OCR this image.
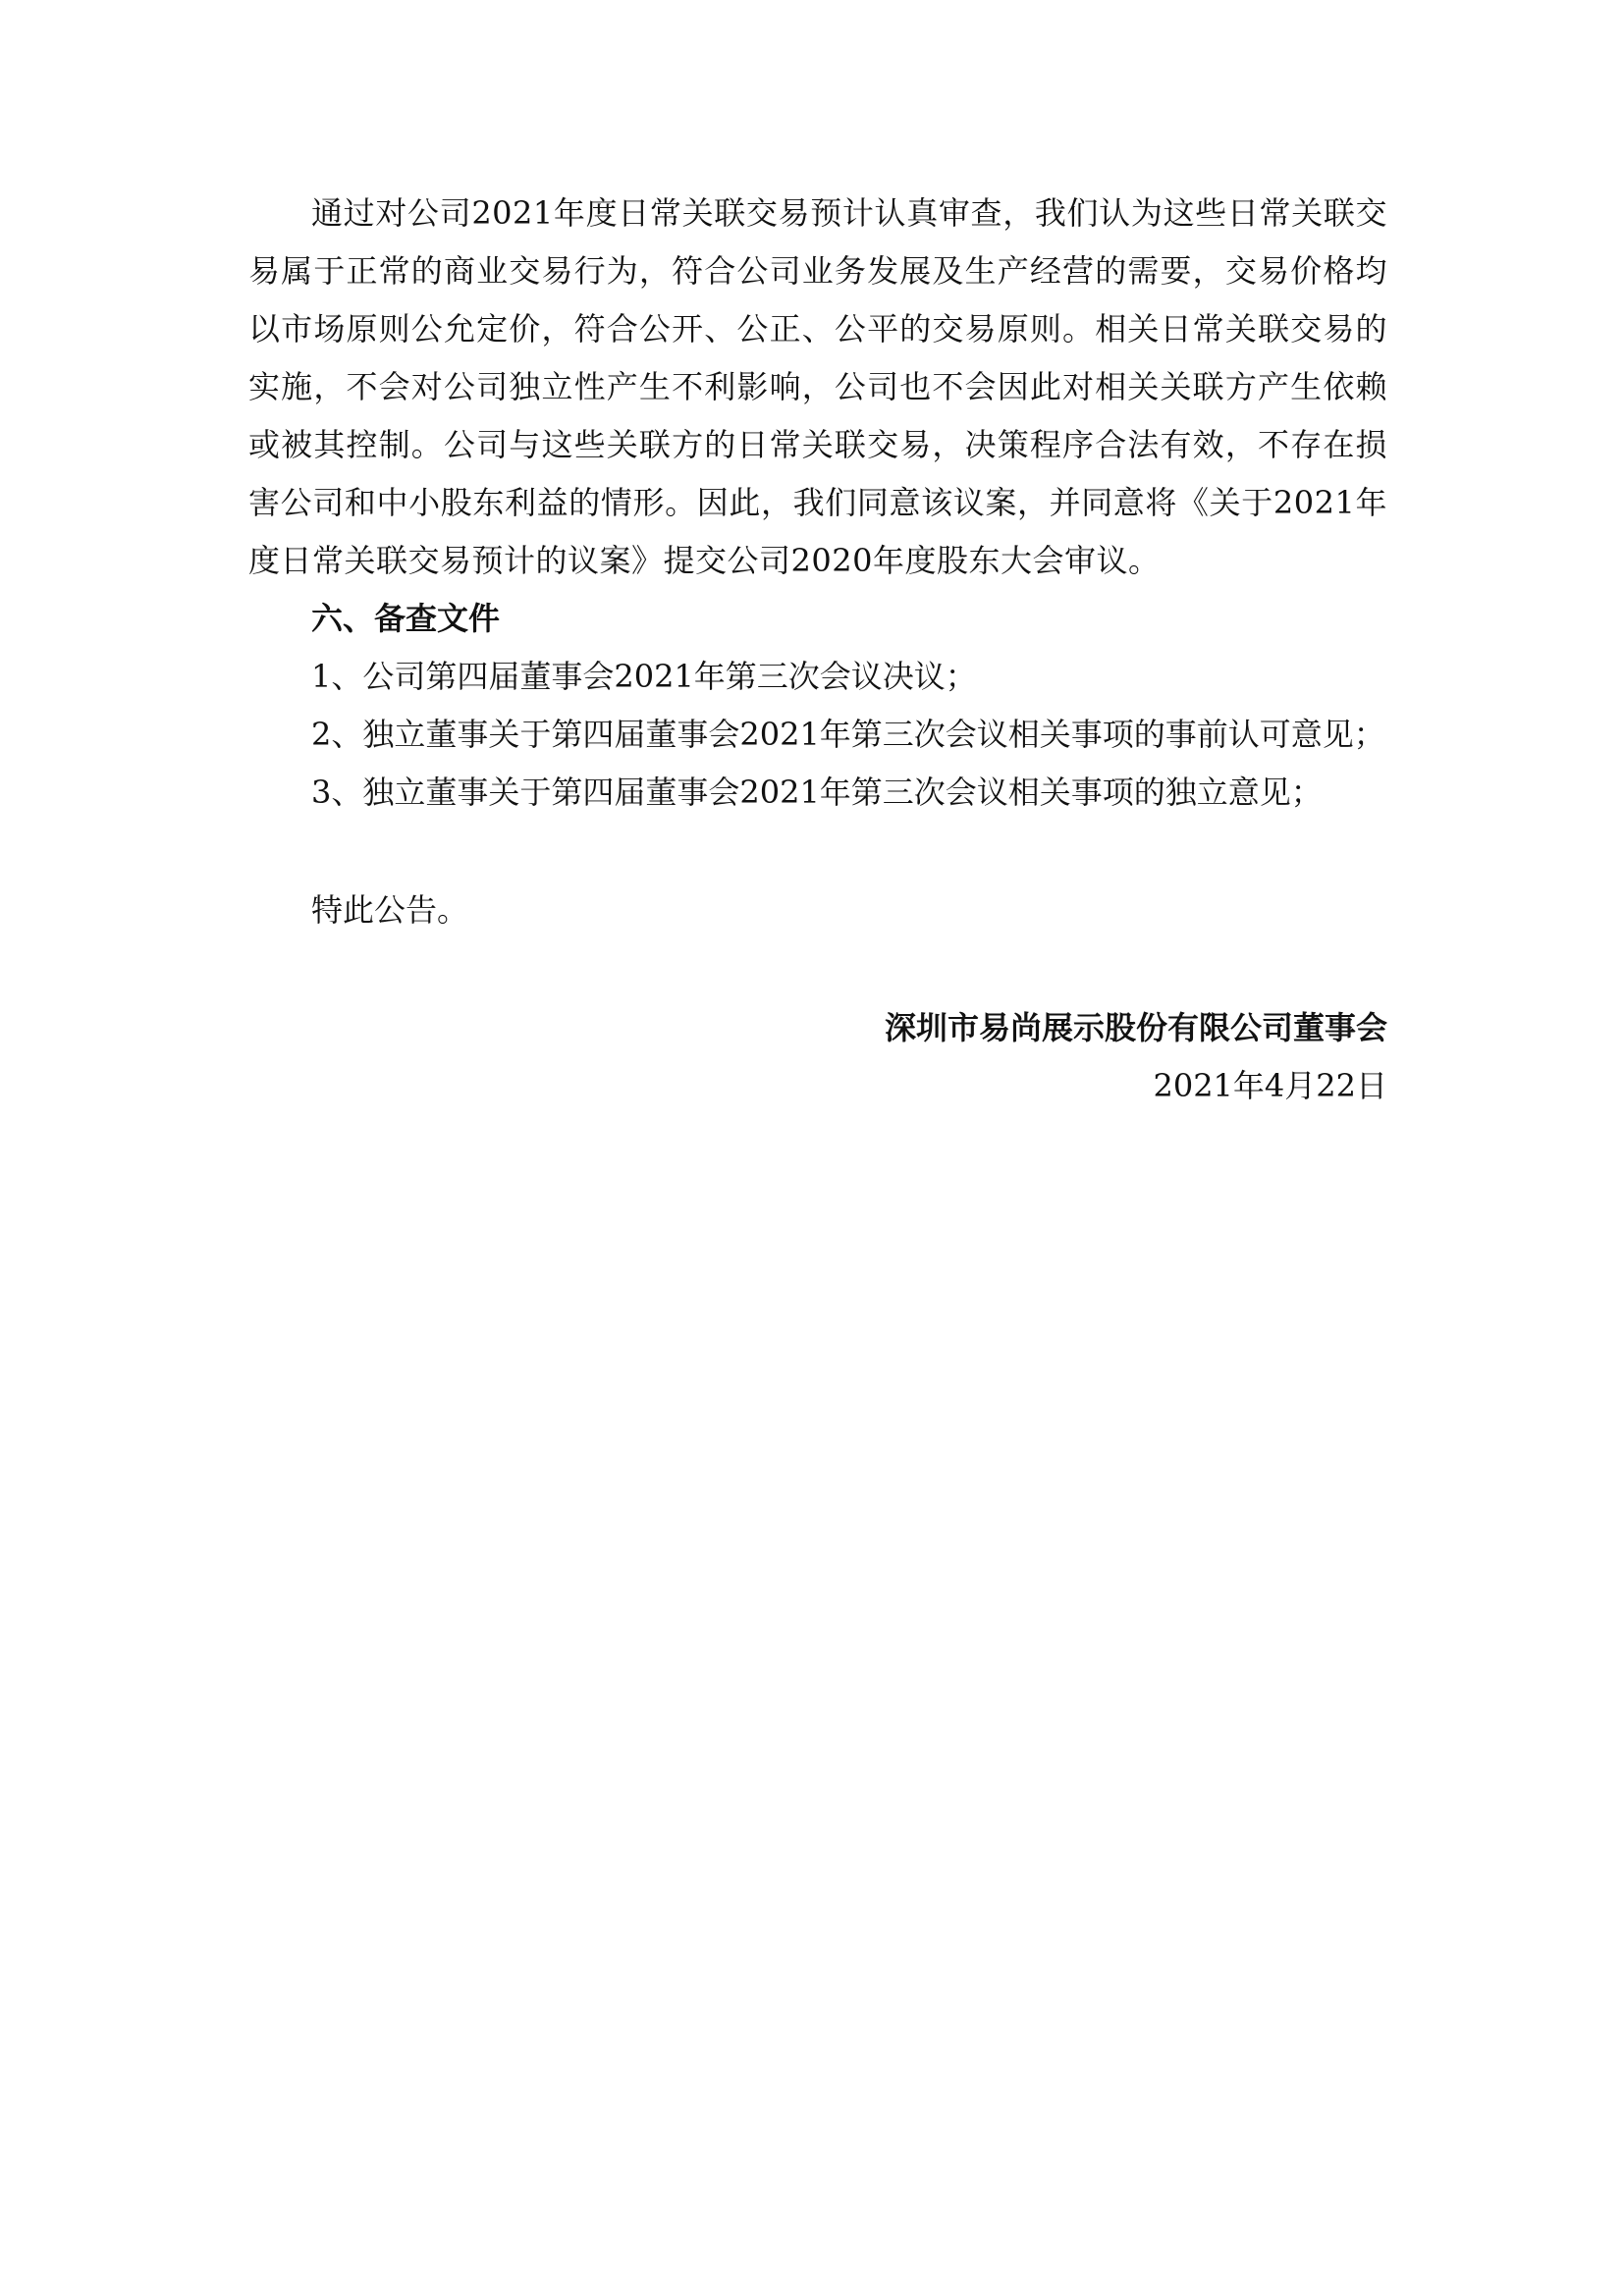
通过对公司2021年度日常关联交易预计认真审查，我们认为这些日常关联交易属于正常的商业交易行为，符合公司业务发展及生产经营的需要，交易价格均以市场原则公允定价，符合公开、公正、公平的交易原则。相关日常关联交易的实施，不会对公司独立性产生不利影响，公司也不会因此对相关关联方产生依赖或被其控制。公司与这些关联方的日常关联交易，决策程序合法有效，不存在损害公司和中小股东利益的情形。因此，我们同意该议案，并同意将《关于2021年度日常关联交易预计的议案》提交公司2020年度股东大会审议。

六、备查文件

1、公司第四届董事会2021年第三次会议决议；

2、独立董事关于第四届董事会2021年第三次会议相关事项的事前认可意见；

3、独立董事关于第四届董事会2021年第三次会议相关事项的独立意见；

特此公告。

深圳市易尚展示股份有限公司董事会

2021年4月22日
